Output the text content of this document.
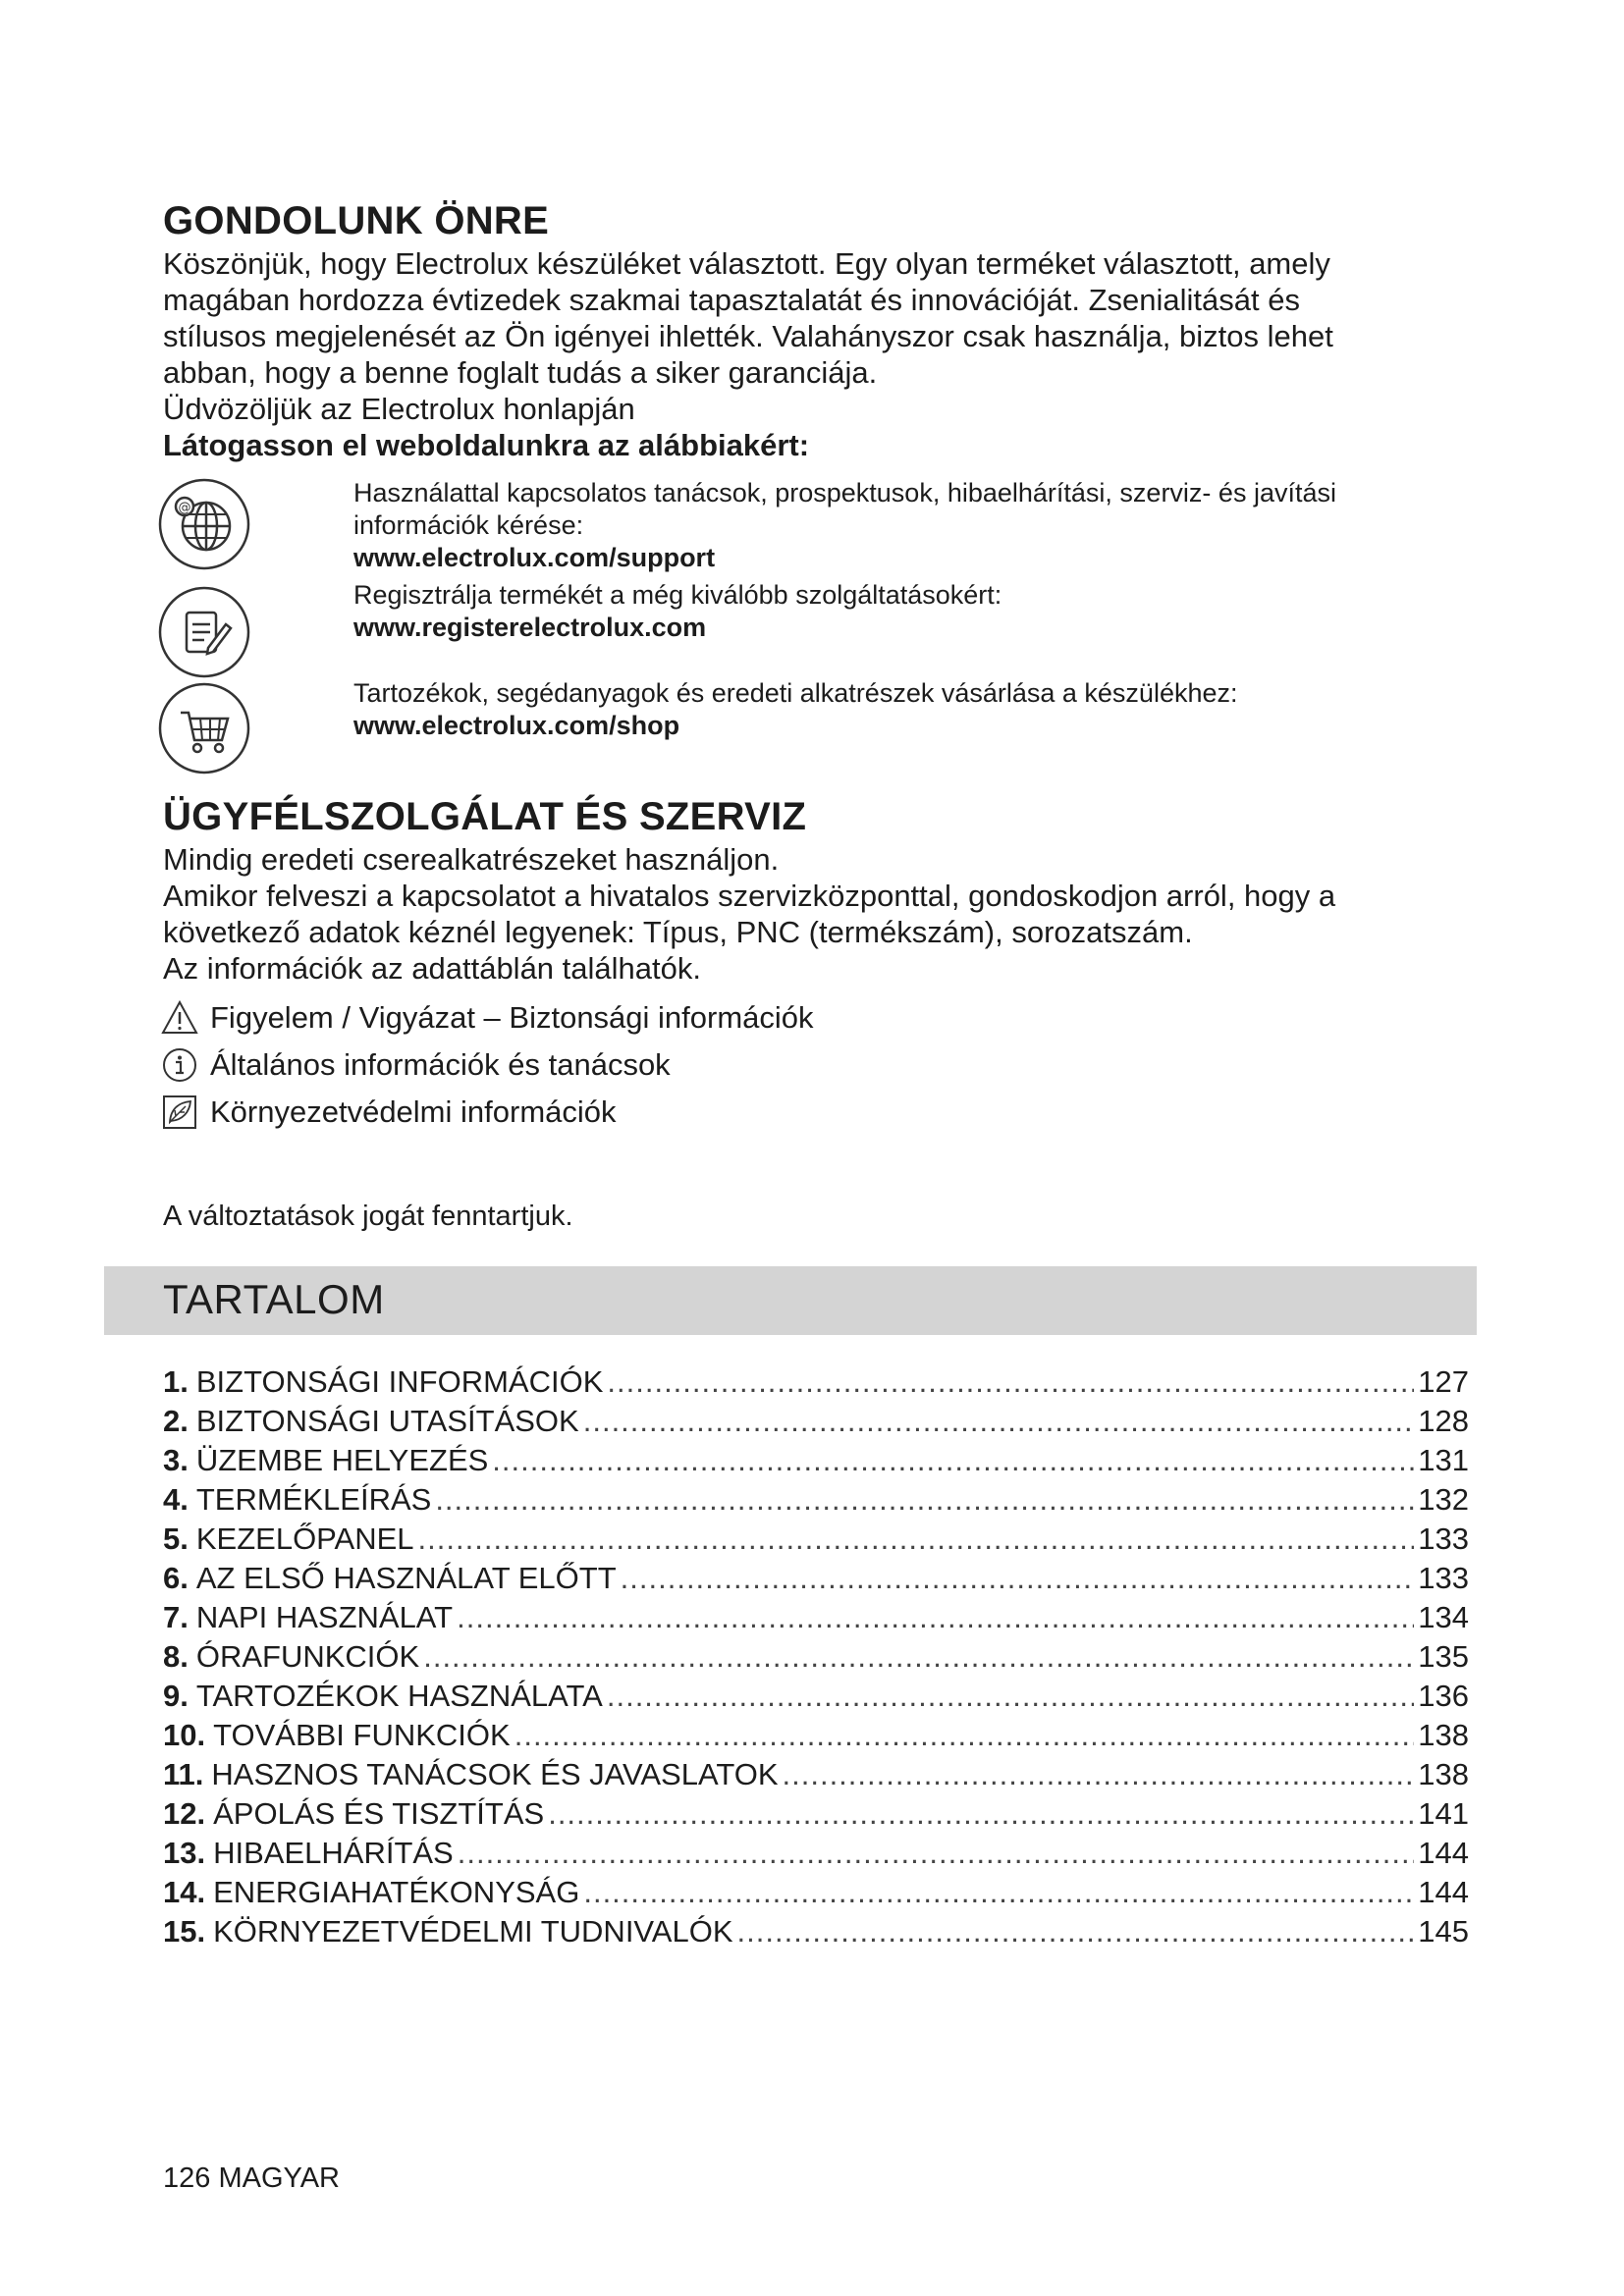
GONDOLUNK ÖNRE

Köszönjük, hogy Electrolux készüléket választott. Egy olyan terméket választott, amely

magában hordozza évtizedek szakmai tapasztalatát és innovációját. Zsenialitását és

stílusos megjelenését az Ön igényei ihlették. Valahányszor csak használja, biztos lehet

abban, hogy a benne foglalt tudás a siker garanciája.

Üdvözöljük az Electrolux honlapján

Látogasson el weboldalunkra az alábbiakért:

@
Használattal kapcsolatos tanácsok, prospektusok, hibaelhárítási, szerviz- és javítási
információk kérése:
www.electrolux.com/support
Regisztrálja termékét a még kiválóbb szolgáltatásokért:
www.registerelectrolux.com
Tartozékok, segédanyagok és eredeti alkatrészek vásárlása a készülékhez:
www.electrolux.com/shop
ÜGYFÉLSZOLGÁLAT ÉS SZERVIZ

Mindig eredeti cserealkatrészeket használjon.

Amikor felveszi a kapcsolatot a hivatalos szervizközponttal, gondoskodjon arról, hogy a

következő adatok kéznél legyenek: Típus, PNC (termékszám), sorozatszám.

Az információk az adattáblán találhatók.

Figyelem / Vigyázat – Biztonsági információk
Általános információk és tanácsok
Környezetvédelmi információk

A változtatások jogát fenntartjuk.

TARTALOM
1. BIZTONSÁGI INFORMÁCIÓK .....	127
2. BIZTONSÁGI UTASÍTÁSOK .....	128
3. ÜZEMBE HELYEZÉS .....	131
4. TERMÉKLEÍRÁS .....	132
5. KEZELŐPANEL .....	133
6. AZ ELSŐ HASZNÁLAT ELŐTT .....	133
7. NAPI HASZNÁLAT .....	134
8. ÓRAFUNKCIÓK .....	135
9. TARTOZÉKOK HASZNÁLATA .....	136
10. TOVÁBBI FUNKCIÓK .....	138
11. HASZNOS TANÁCSOK ÉS JAVASLATOK .....	138
12. ÁPOLÁS ÉS TISZTÍTÁS .....	141
13. HIBAELHÁRÍTÁS .....	144
14. ENERGIAHATÉKONYSÁG .....	144
15. KÖRNYEZETVÉDELMI TUDNIVALÓK .....	145

126 MAGYAR
